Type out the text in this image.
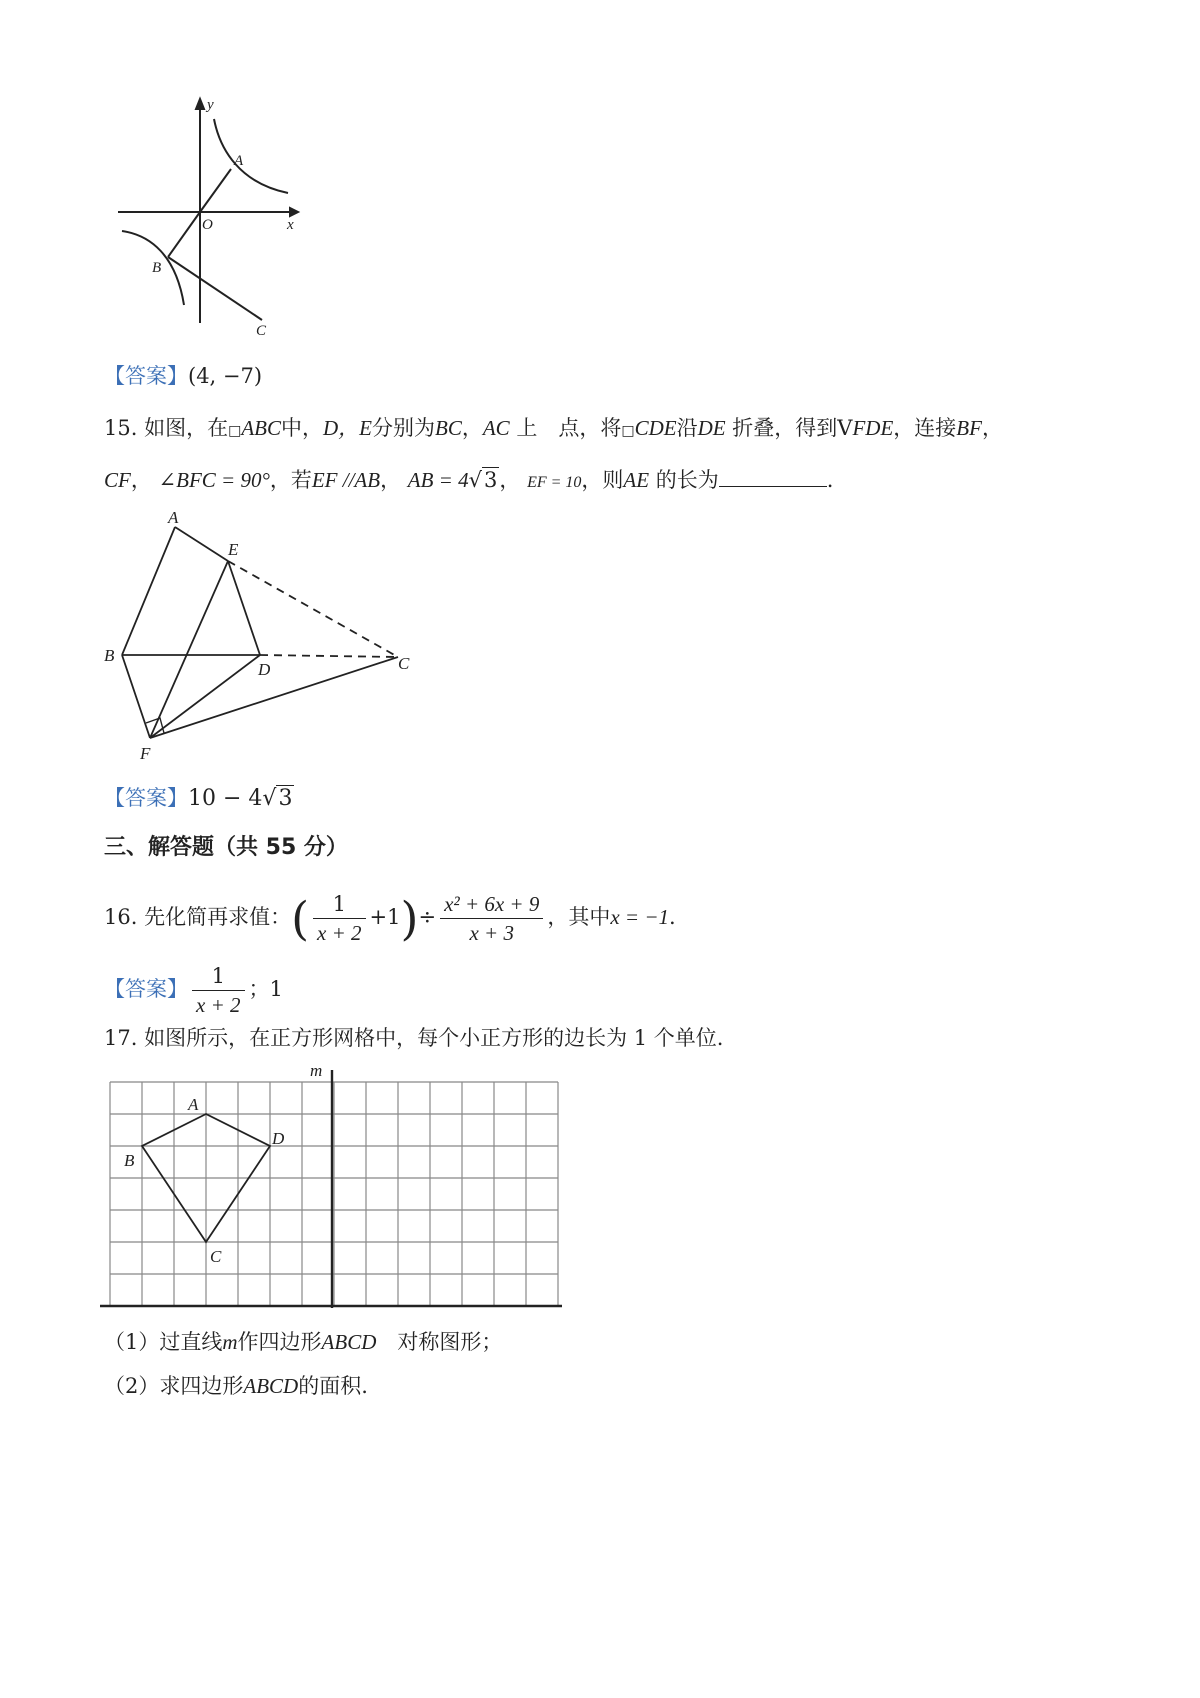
y
x
O
A
B
C
【答案】(4, −7)
15. 如图，在□ABC中，D，E分别为BC，AC 上　点，将□CDE沿DE 折叠，得到VFDE，连接BF，
CF， ∠BFC = 90°，若EF //AB， AB = 4√3， EF = 10，则AE 的长为	.
A
E
B
D	C
F
【答案】10 − 4√3
三、解答题（共 55 分）
16. 先化简再求值：( $\frac{1}{x + 2} +1)\div \frac{\text{x² + 6x + 9}}{x + 3}$ ，其中x = −1.
【答案】 $\frac{1}{x + 2}$ ；1
17. 如图所示，在正方形网格中，每个小正方形的边长为 1 个单位.
m
A
B
C
D
（1）过直线m作四边形ABCD　对称图形；
（2）求四边形ABCD的面积.
